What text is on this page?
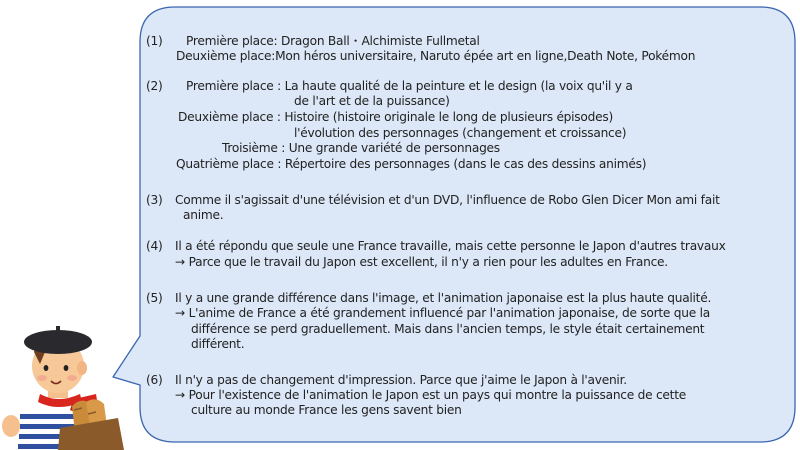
(1) Première place: Dragon Ball・Alchimiste Fullmetal
Deuxième place:Mon héros universitaire, Naruto épée art en ligne,Death Note, Pokémon
(2) Première place : La haute qualité de la peinture et le design (la voix qu'il y a
de l'art et de la puissance)
Deuxième place : Histoire (histoire originale le long de plusieurs épisodes)
l'évolution des personnages (changement et croissance)
Troisième : Une grande variété de personnages
Quatrième place : Répertoire des personnages (dans le cas des dessins animés)
(3) Comme il s'agissait d'une télévision et d'un DVD, l'influence de Robo Glen Dicer Mon ami fait
anime.
(4) Il a été répondu que seule une France travaille, mais cette personne le Japon d'autres travaux
→ Parce que le travail du Japon est excellent, il n'y a rien pour les adultes en France.
(5) Il y a une grande différence dans l'image, et l'animation japonaise est la plus haute qualité.
→ L'anime de France a été grandement influencé par l'animation japonaise, de sorte que la
différence se perd graduellement. Mais dans l'ancien temps, le style était certainement
différent.
(6) Il n'y a pas de changement d'impression. Parce que j'aime le Japon à l'avenir.
→ Pour l'existence de l'animation le Japon est un pays qui montre la puissance de cette
culture au monde France les gens savent bien
